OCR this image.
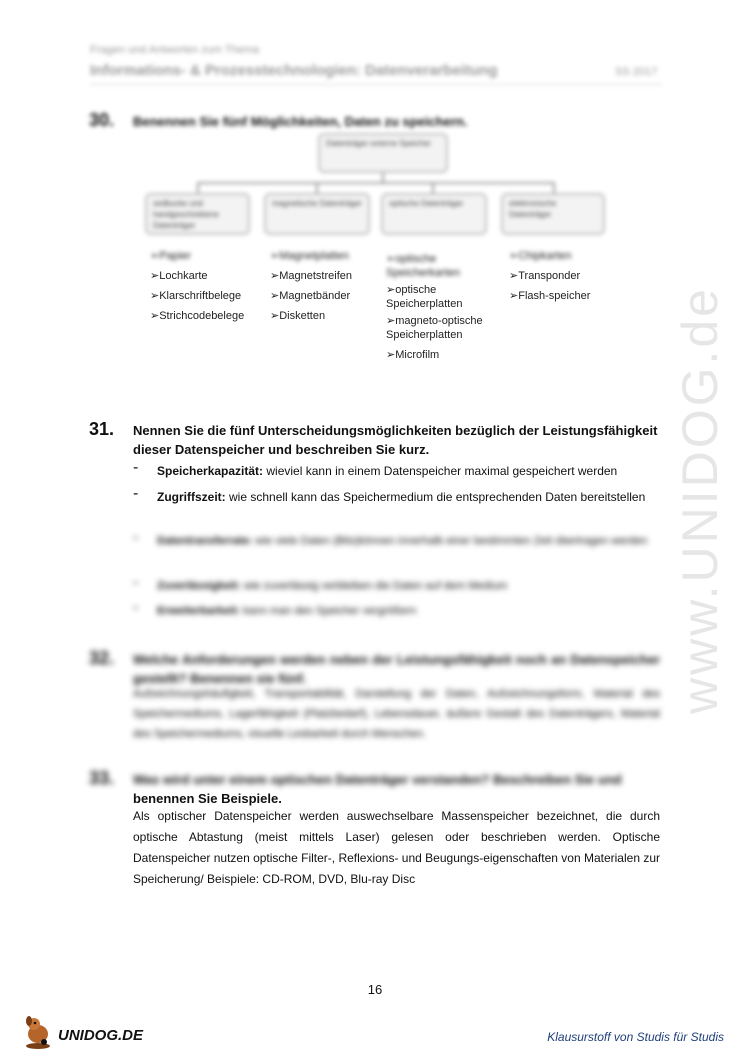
www.UNIDOG.de
Fragen und Antworten zum Thema
Informations- & Prozesstechnologien: Datenverarbeitung	SS 2017
30. Benennen Sie fünf Möglichkeiten, Daten zu speichern.
Datenträger externe Speicher
sedbucke und handgeschriebene Datenträger
magnetische Datenträger	optische Datenträger	elektronische Datenträger
➢Papier
➢Lochkarte
➢Klarschriftbelege
➢Strichcodebelege
➢Magnetplatten
➢Magnetstreifen
➢Magnetbänder
➢Disketten
➢optische Speicherkarten
➢optische Speicherplatten
➢magneto-optische Speicherplatten
➢Microfilm
➢Chipkarten
➢Transponder
➢Flash-speicher
31. Nennen Sie die fünf Unterscheidungsmöglichkeiten bezüglich der Leistungsfähigkeit dieser Datenspeicher und beschreiben Sie kurz.
- Speicherkapazität: wieviel kann in einem Datenspeicher maximal gespeichert werden
- Zugriffszeit: wie schnell kann das Speichermedium die entsprechenden Daten bereitstellen
- Datentransferrate: wie viele Daten (Bits)können innerhalb einer bestimmten Zeit übertragen werden
- Zuverlässigkeit: wie zuverlässig verbleiben die Daten auf dem Medium
- Erweiterbarkeit: kann man den Speicher vergrößern
32. Welche Anforderungen werden neben der Leistungsfähigkeit noch an Datenspeicher gestellt? Benennen sie fünf.
Aufzeichnungshäufigkeit, Transportabilität, Darstellung der Daten, Aufzeichnungsform, Material des Speichermediums, Lagerfähigkeit (Platzbedarf), Lebensdauer, äußere Gestalt des Datenträgers, Material des Speichermediums, visuelle Lesbarkeit durch Menschen.
33. Was wird unter einem optischen Datenträger verstanden? Beschreiben Sie und
benennen Sie Beispiele.
Als optischer Datenspeicher werden auswechselbare Massenspeicher bezeichnet, die durch optische Abtastung (meist mittels Laser) gelesen oder beschrieben werden. Optische Datenspeicher nutzen optische Filter-, Reflexions- und Beugungs-eigenschaften von Materialen zur Speicherung/ Beispiele: CD-ROM, DVD, Blu-ray Disc
16
UNIDOG.DE	Klausurstoff von Studis für Studis
